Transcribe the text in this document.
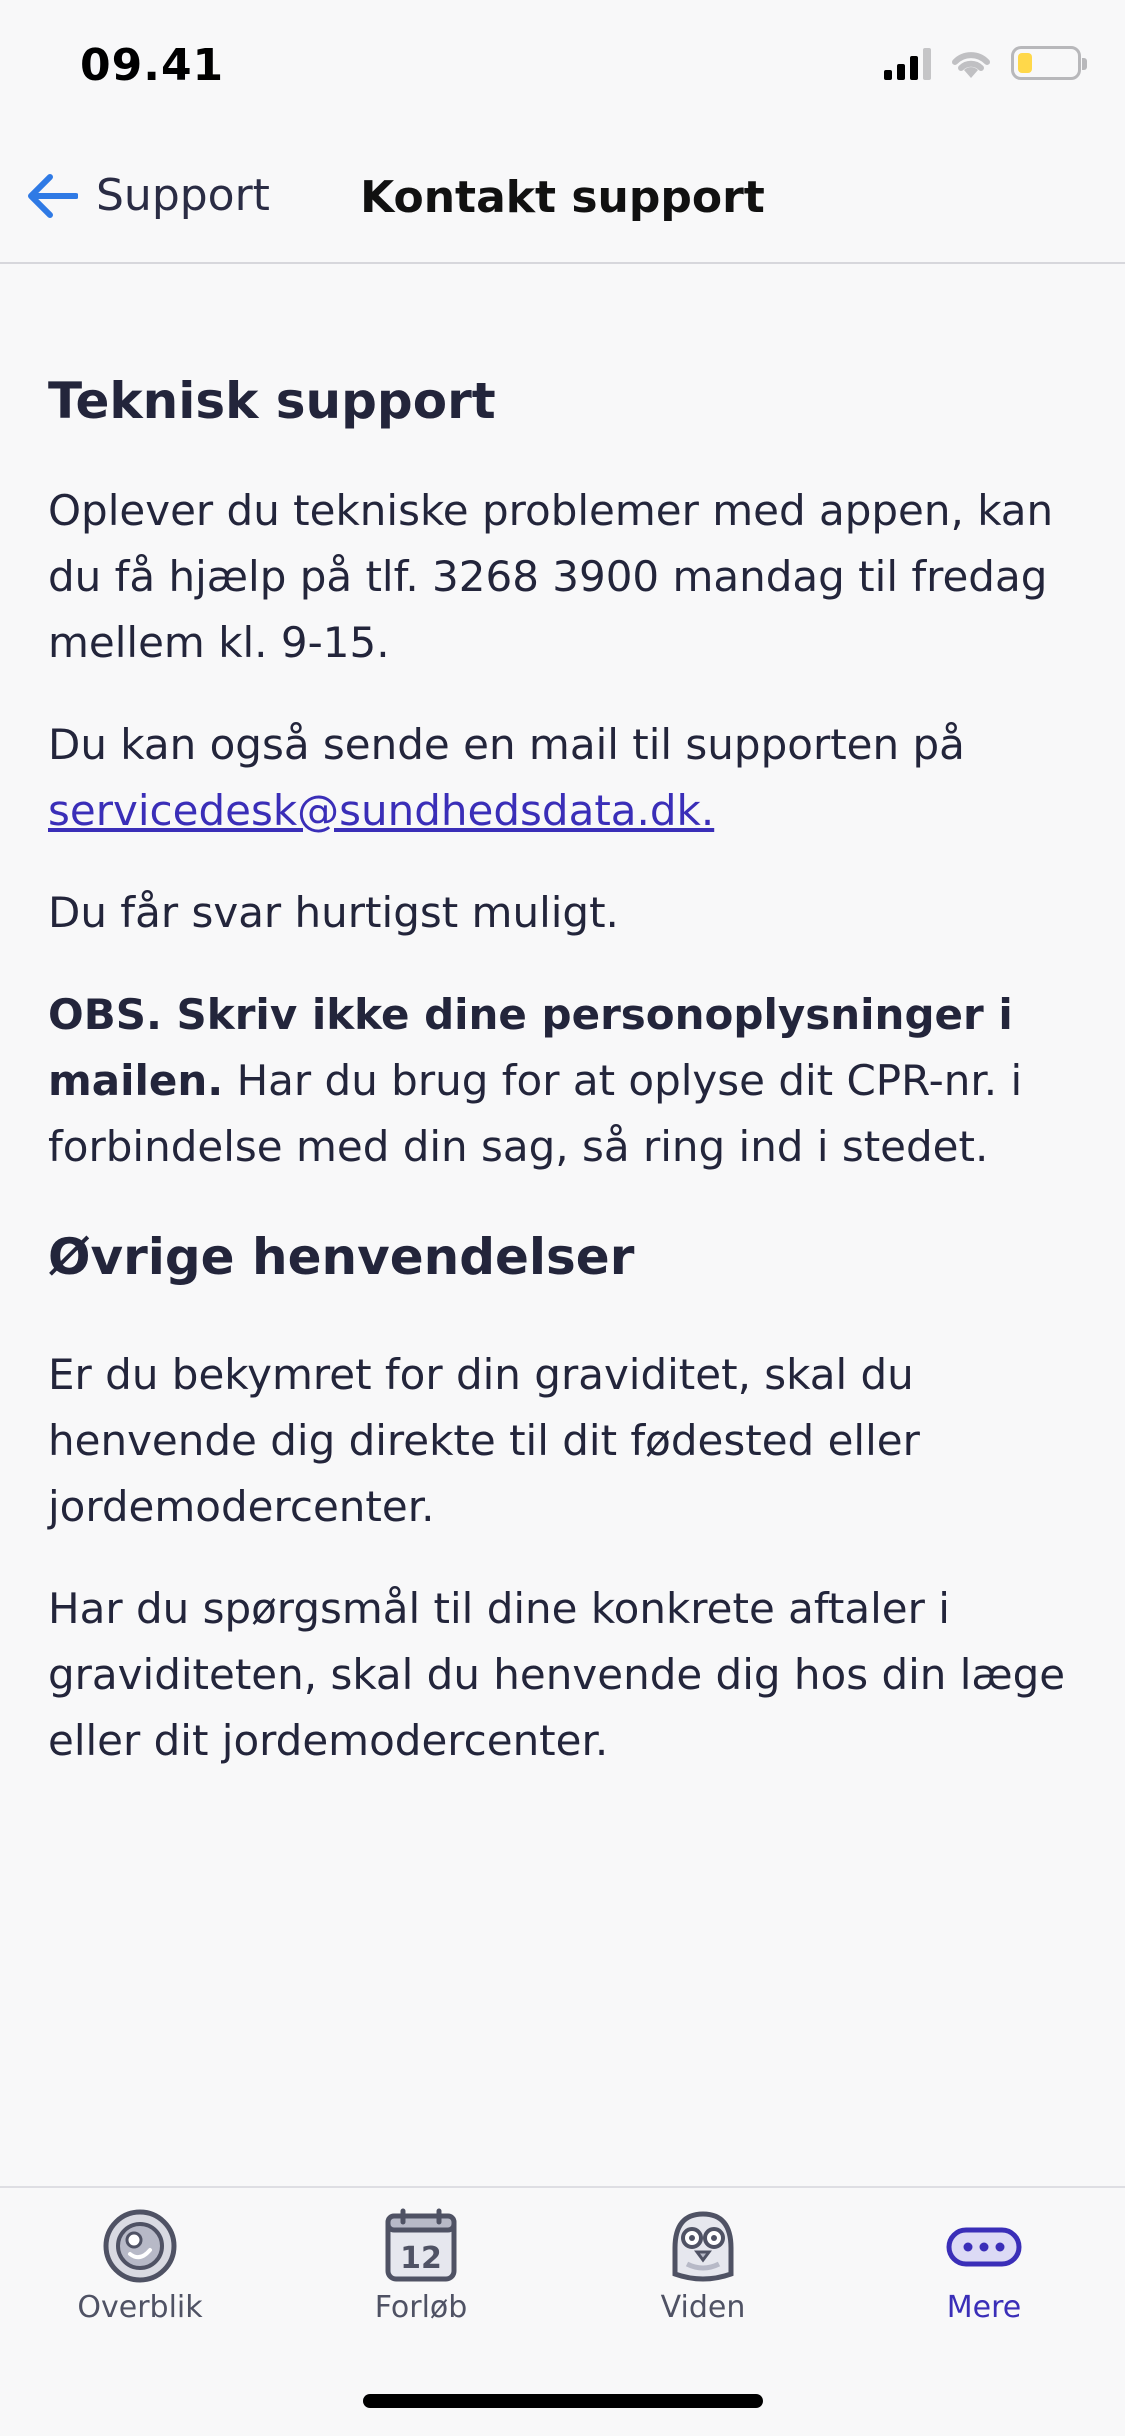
09.41
Support	Kontakt support
Teknisk support

Oplever du tekniske problemer med appen, kan du få hjælp på tlf. 3268 3900 mandag til fredag mellem kl. 9-15.

Du kan også sende en mail til supporten på servicedesk@sundhedsdata.dk.

Du får svar hurtigst muligt.

OBS. Skriv ikke dine personoplysninger i mailen. Har du brug for at oplyse dit CPR-nr. i forbindelse med din sag, så ring ind i stedet.

Øvrige henvendelser

Er du bekymret for din graviditet, skal du henvende dig direkte til dit fødested eller jordemodercenter.

Har du spørgsmål til dine konkrete aftaler i graviditeten, skal du henvende dig hos din læge eller dit jordemodercenter.

Overblik
12
Forløb	Viden	Mere
